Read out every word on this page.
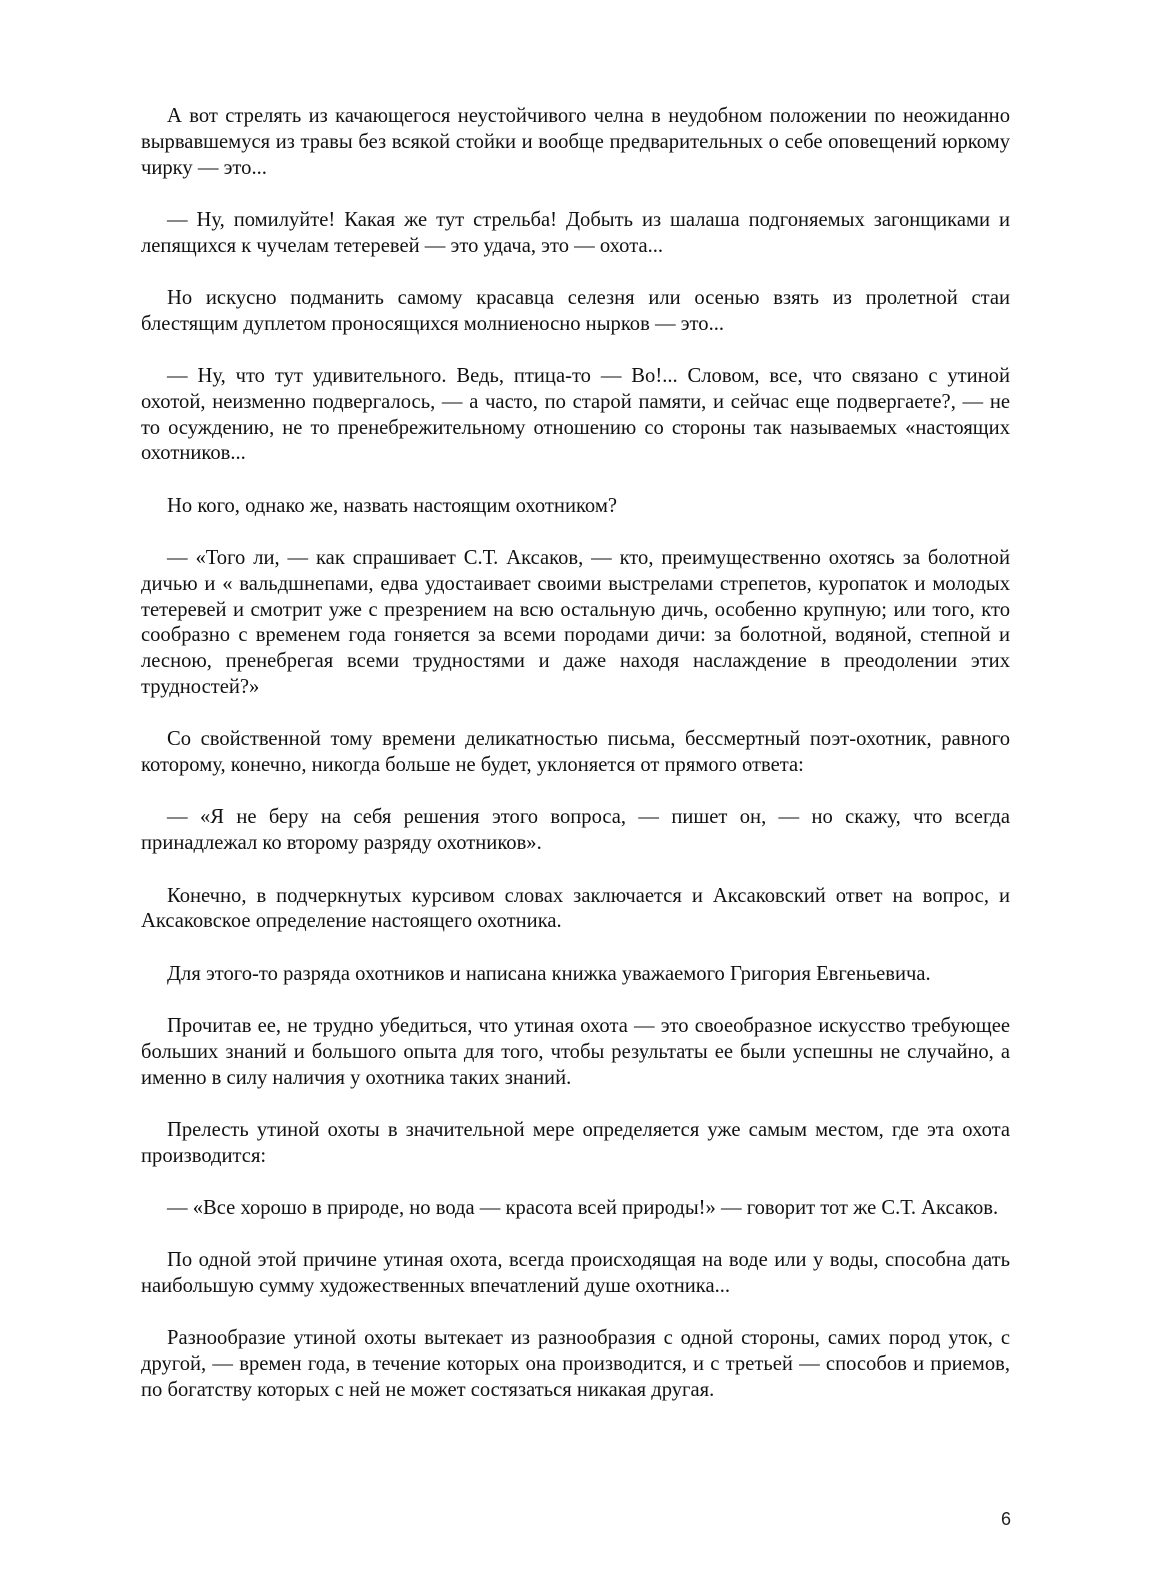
А вот стрелять из качающегося неустойчивого челна в неудобном положении по неожиданно вырвавшемуся из травы без всякой стойки и вообще предварительных о себе оповещений юркому чирку — это...

— Ну, помилуйте! Какая же тут стрельба! Добыть из шалаша подгоняемых загонщиками и лепящихся к чучелам тетеревей — это удача, это — охота...

Но искусно подманить самому красавца селезня или осенью взять из пролетной стаи блестящим дуплетом проносящихся молниеносно нырков — это...

— Ну, что тут удивительного. Ведь, птица-то — Во!... Словом, все, что связано с утиной охотой, неизменно подвергалось, — а часто, по старой памяти, и сейчас еще подвергаете?, — не то осуждению, не то пренебрежительному отношению со стороны так называемых «настоящих охотников...

Но кого, однако же, назвать настоящим охотником?

— «Того ли, — как спрашивает С.Т. Аксаков, — кто, преимущественно охотясь за болотной дичью и « вальдшнепами, едва удостаивает своими выстрелами стрепетов, куропаток и молодых тетеревей и смотрит уже с презрением на всю остальную дичь, особенно крупную; или того, кто сообразно с временем года гоняется за всеми породами дичи: за болотной, водяной, степной и лесною, пренебрегая всеми трудностями и даже находя наслаждение в преодолении этих трудностей?»

Со свойственной тому времени деликатностью письма, бессмертный поэт-охотник, равного которому, конечно, никогда больше не будет, уклоняется от прямого ответа:

— «Я не беру на себя решения этого вопроса, — пишет он, — но скажу, что всегда принадлежал ко второму разряду охотников».

Конечно, в подчеркнутых курсивом словах заключается и Аксаковский ответ на вопрос, и Аксаковское определение настоящего охотника.

Для этого-то разряда охотников и написана книжка уважаемого Григория Евгеньевича.

Прочитав ее, не трудно убедиться, что утиная охота — это своеобразное искусство требующее больших знаний и большого опыта для того, чтобы результаты ее были успешны не случайно, а именно в силу наличия у охотника таких знаний.

Прелесть утиной охоты в значительной мере определяется уже самым местом, где эта охота производится:

— «Все хорошо в природе, но вода — красота всей природы!» — говорит тот же С.Т. Аксаков.

По одной этой причине утиная охота, всегда происходящая на воде или у воды, способна дать наибольшую сумму художественных впечатлений душе охотника...

Разнообразие утиной охоты вытекает из разнообразия с одной стороны, самих пород уток, с другой, — времен года, в течение которых она производится, и с третьей — способов и приемов, по богатству которых с ней не может состязаться никакая другая.

6
